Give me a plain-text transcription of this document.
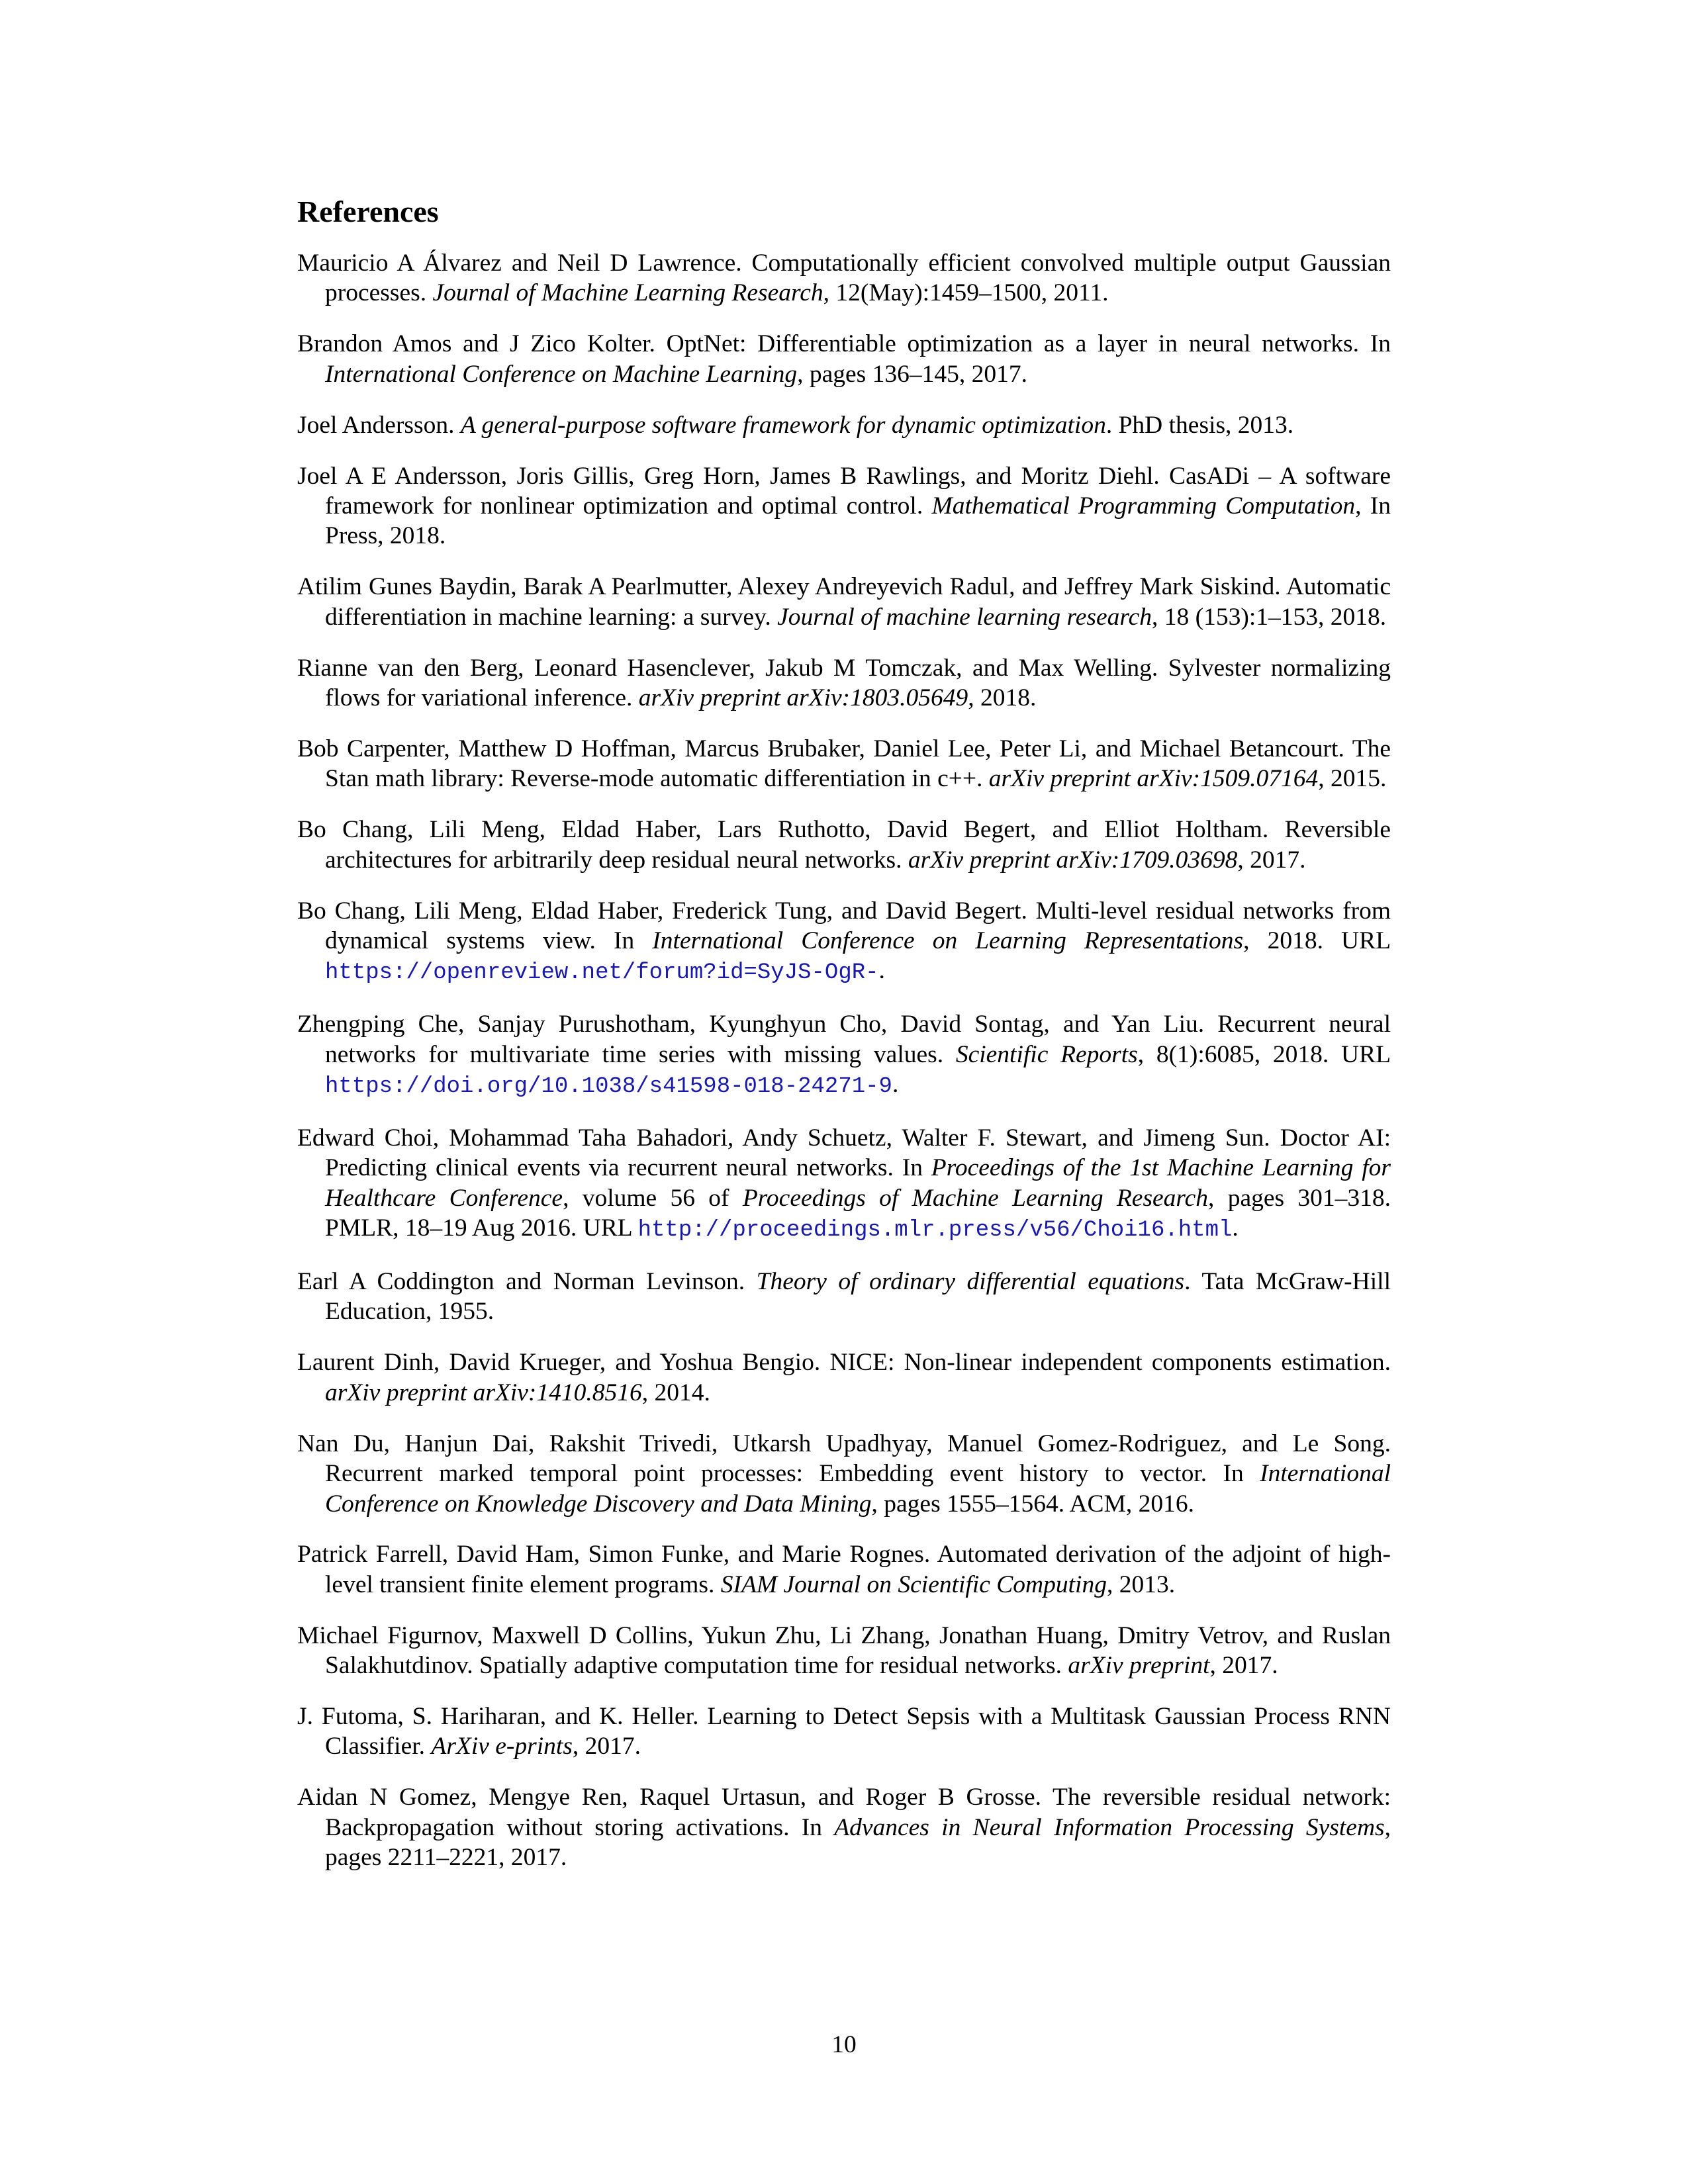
References

Mauricio A Álvarez and Neil D Lawrence. Computationally efficient convolved multiple output Gaussian processes. Journal of Machine Learning Research, 12(May):1459–1500, 2011.

Brandon Amos and J Zico Kolter. OptNet: Differentiable optimization as a layer in neural networks. In International Conference on Machine Learning, pages 136–145, 2017.

Joel Andersson. A general-purpose software framework for dynamic optimization. PhD thesis, 2013.

Joel A E Andersson, Joris Gillis, Greg Horn, James B Rawlings, and Moritz Diehl. CasADi – A software framework for nonlinear optimization and optimal control. Mathematical Programming Computation, In Press, 2018.

Atilim Gunes Baydin, Barak A Pearlmutter, Alexey Andreyevich Radul, and Jeffrey Mark Siskind. Automatic differentiation in machine learning: a survey. Journal of machine learning research, 18 (153):1–153, 2018.

Rianne van den Berg, Leonard Hasenclever, Jakub M Tomczak, and Max Welling. Sylvester normalizing flows for variational inference. arXiv preprint arXiv:1803.05649, 2018.

Bob Carpenter, Matthew D Hoffman, Marcus Brubaker, Daniel Lee, Peter Li, and Michael Betancourt. The Stan math library: Reverse-mode automatic differentiation in c++. arXiv preprint arXiv:1509.07164, 2015.

Bo Chang, Lili Meng, Eldad Haber, Lars Ruthotto, David Begert, and Elliot Holtham. Reversible architectures for arbitrarily deep residual neural networks. arXiv preprint arXiv:1709.03698, 2017.

Bo Chang, Lili Meng, Eldad Haber, Frederick Tung, and David Begert. Multi-level residual networks from dynamical systems view. In International Conference on Learning Representations, 2018. URL https://openreview.net/forum?id=SyJS-OgR-.

Zhengping Che, Sanjay Purushotham, Kyunghyun Cho, David Sontag, and Yan Liu. Recurrent neural networks for multivariate time series with missing values. Scientific Reports, 8(1):6085, 2018. URL https://doi.org/10.1038/s41598-018-24271-9.

Edward Choi, Mohammad Taha Bahadori, Andy Schuetz, Walter F. Stewart, and Jimeng Sun. Doctor AI: Predicting clinical events via recurrent neural networks. In Proceedings of the 1st Machine Learning for Healthcare Conference, volume 56 of Proceedings of Machine Learning Research, pages 301–318. PMLR, 18–19 Aug 2016. URL http://proceedings.mlr.press/v56/Choi16.html.

Earl A Coddington and Norman Levinson. Theory of ordinary differential equations. Tata McGraw-Hill Education, 1955.

Laurent Dinh, David Krueger, and Yoshua Bengio. NICE: Non-linear independent components estimation. arXiv preprint arXiv:1410.8516, 2014.

Nan Du, Hanjun Dai, Rakshit Trivedi, Utkarsh Upadhyay, Manuel Gomez-Rodriguez, and Le Song. Recurrent marked temporal point processes: Embedding event history to vector. In International Conference on Knowledge Discovery and Data Mining, pages 1555–1564. ACM, 2016.

Patrick Farrell, David Ham, Simon Funke, and Marie Rognes. Automated derivation of the adjoint of high-level transient finite element programs. SIAM Journal on Scientific Computing, 2013.

Michael Figurnov, Maxwell D Collins, Yukun Zhu, Li Zhang, Jonathan Huang, Dmitry Vetrov, and Ruslan Salakhutdinov. Spatially adaptive computation time for residual networks. arXiv preprint, 2017.

J. Futoma, S. Hariharan, and K. Heller. Learning to Detect Sepsis with a Multitask Gaussian Process RNN Classifier. ArXiv e-prints, 2017.

Aidan N Gomez, Mengye Ren, Raquel Urtasun, and Roger B Grosse. The reversible residual network: Backpropagation without storing activations. In Advances in Neural Information Processing Systems, pages 2211–2221, 2017.

10
